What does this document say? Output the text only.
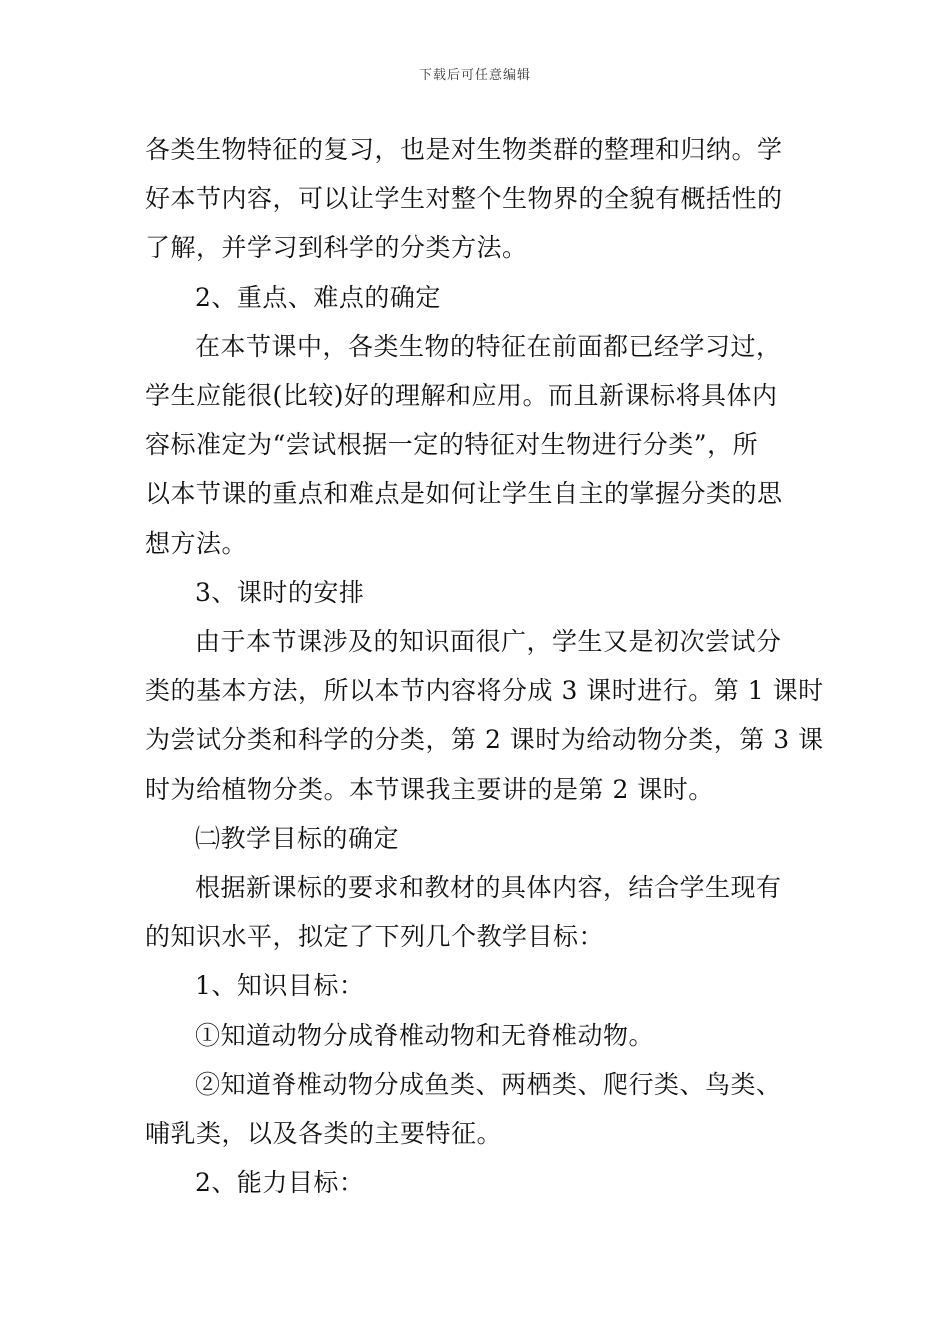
下载后可任意编辑

各类生物特征的复习，也是对生物类群的整理和归纳。学

好本节内容，可以让学生对整个生物界的全貌有概括性的

了解，并学习到科学的分类方法。

2、重点、难点的确定

在本节课中，各类生物的特征在前面都已经学习过，

学生应能很(比较)好的理解和应用。而且新课标将具体内

容标准定为“尝试根据一定的特征对生物进行分类”，所

以本节课的重点和难点是如何让学生自主的掌握分类的思

想方法。

3、课时的安排

由于本节课涉及的知识面很广，学生又是初次尝试分

类的基本方法，所以本节内容将分成 3 课时进行。第 1 课时

为尝试分类和科学的分类，第 2 课时为给动物分类，第 3 课

时为给植物分类。本节课我主要讲的是第 2 课时。

㈡教学目标的确定

根据新课标的要求和教材的具体内容，结合学生现有

的知识水平，拟定了下列几个教学目标：

1、知识目标：

①知道动物分成脊椎动物和无脊椎动物。

②知道脊椎动物分成鱼类、两栖类、爬行类、鸟类、

哺乳类，以及各类的主要特征。

2、能力目标：
